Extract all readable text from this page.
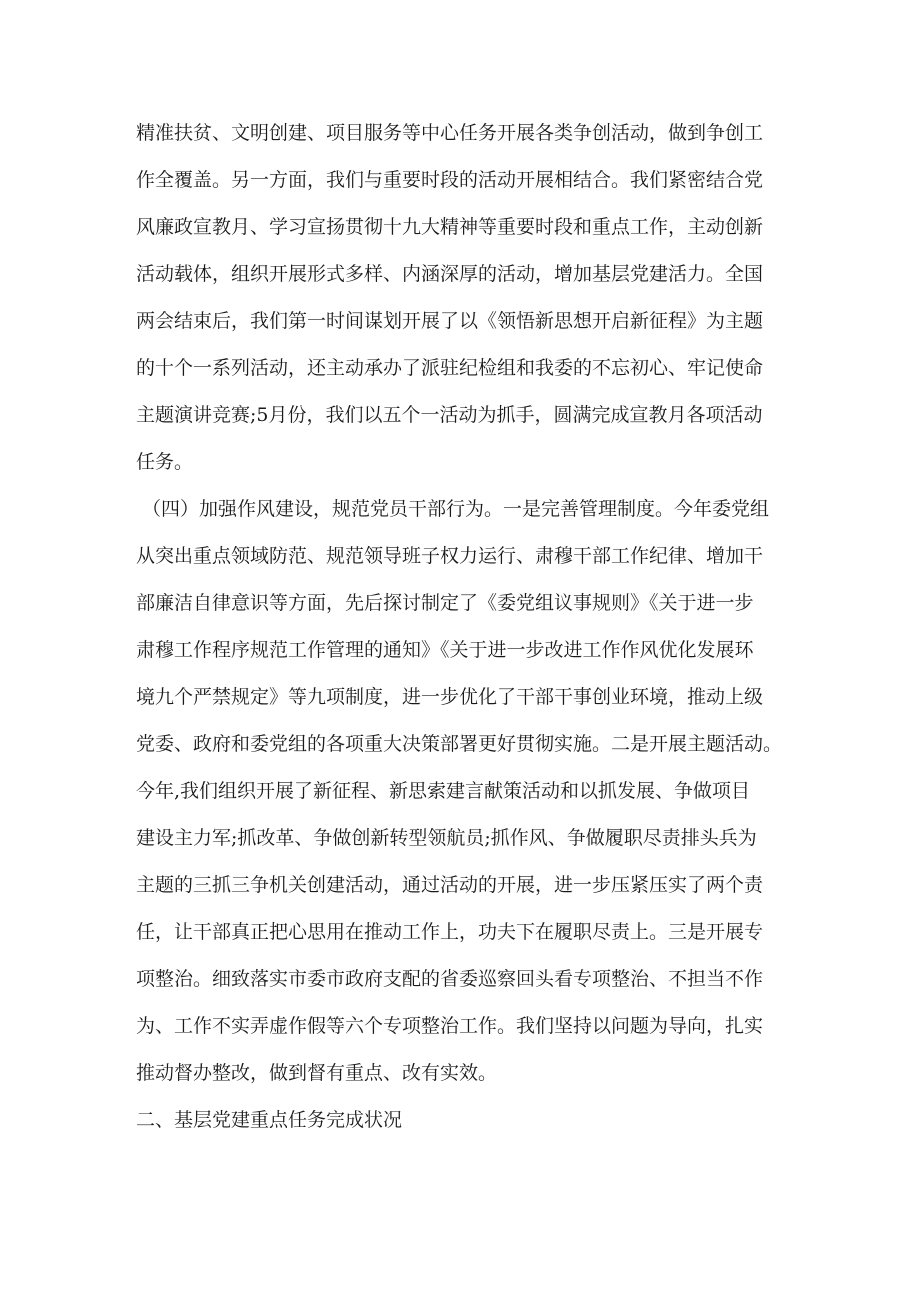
精准扶贫、文明创建、项目服务等中心任务开展各类争创活动，做到争创工
作全覆盖。另一方面，我们与重要时段的活动开展相结合。我们紧密结合党
风廉政宣教月、学习宣扬贯彻十九大精神等重要时段和重点工作，主动创新
活动载体，组织开展形式多样、内涵深厚的活动，增加基层党建活力。全国
两会结束后，我们第一时间谋划开展了以《领悟新思想开启新征程》为主题
的十个一系列活动，还主动承办了派驻纪检组和我委的不忘初心、牢记使命
主题演讲竞赛;5月份，我们以五个一活动为抓手，圆满完成宣教月各项活动
任务。
（四）加强作风建设，规范党员干部行为。一是完善管理制度。今年委党组
从突出重点领域防范、规范领导班子权力运行、肃穆干部工作纪律、增加干
部廉洁自律意识等方面，先后探讨制定了《委党组议事规则》《关于进一步
肃穆工作程序规范工作管理的通知》《关于进一步改进工作作风优化发展环
境九个严禁规定》等九项制度，进一步优化了干部干事创业环境，推动上级
党委、政府和委党组的各项重大决策部署更好贯彻实施。二是开展主题活动。
今年,我们组织开展了新征程、新思索建言献策活动和以抓发展、争做项目
建设主力军;抓改革、争做创新转型领航员;抓作风、争做履职尽责排头兵为
主题的三抓三争机关创建活动，通过活动的开展，进一步压紧压实了两个责
任，让干部真正把心思用在推动工作上，功夫下在履职尽责上。三是开展专
项整治。细致落实市委市政府支配的省委巡察回头看专项整治、不担当不作
为、工作不实弄虚作假等六个专项整治工作。我们坚持以问题为导向，扎实
推动督办整改，做到督有重点、改有实效。
二、基层党建重点任务完成状况
